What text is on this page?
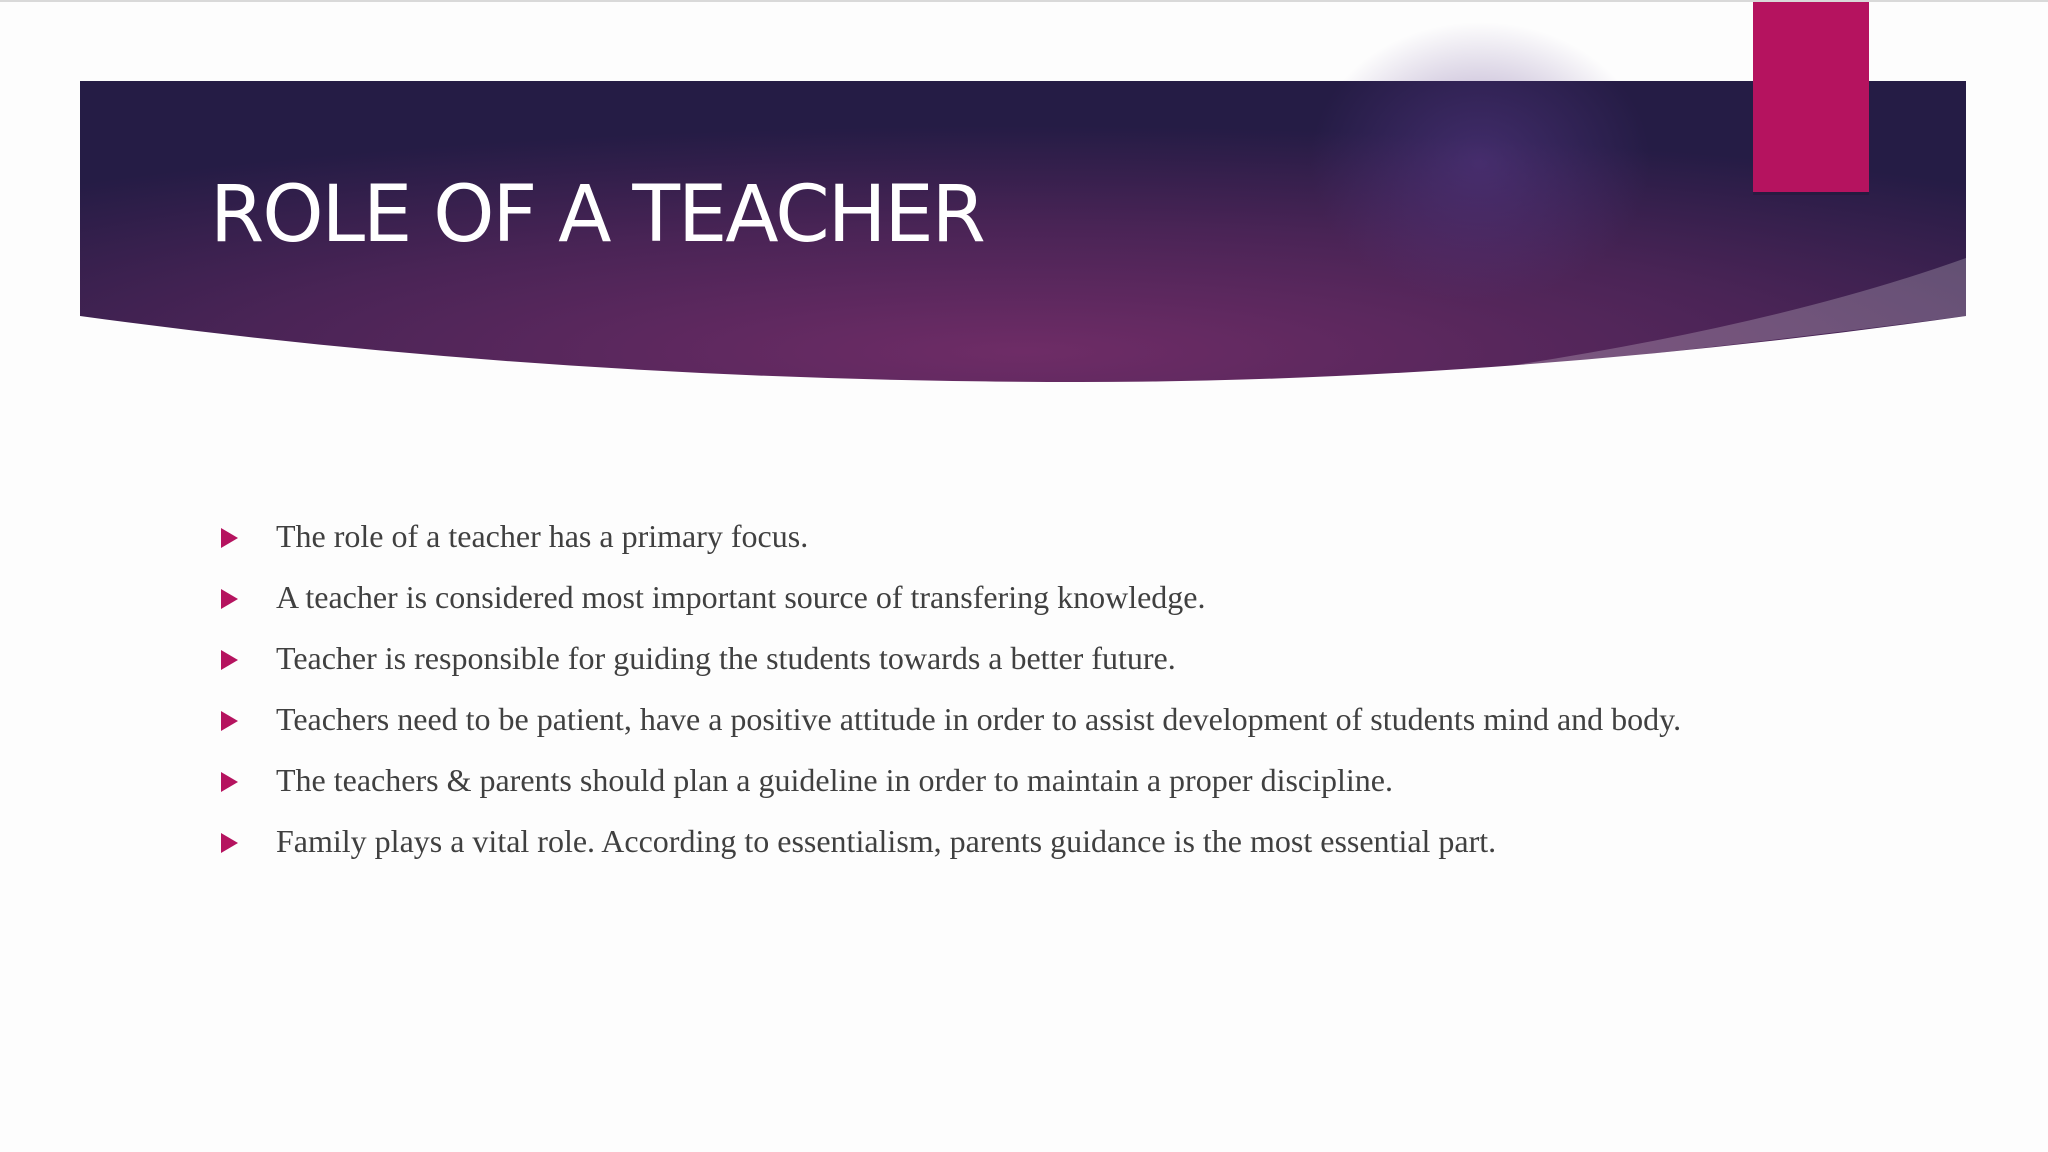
ROLE OF A TEACHER
The role of a teacher has a primary focus.
A teacher is considered most important source of transfering knowledge.
Teacher is responsible for guiding the students towards a better future.
Teachers need to be patient, have a positive attitude in order to assist development of students mind and body.
The teachers & parents should plan a guideline in order to maintain a proper discipline.
Family plays a vital role. According to essentialism, parents guidance is the most essential part.
